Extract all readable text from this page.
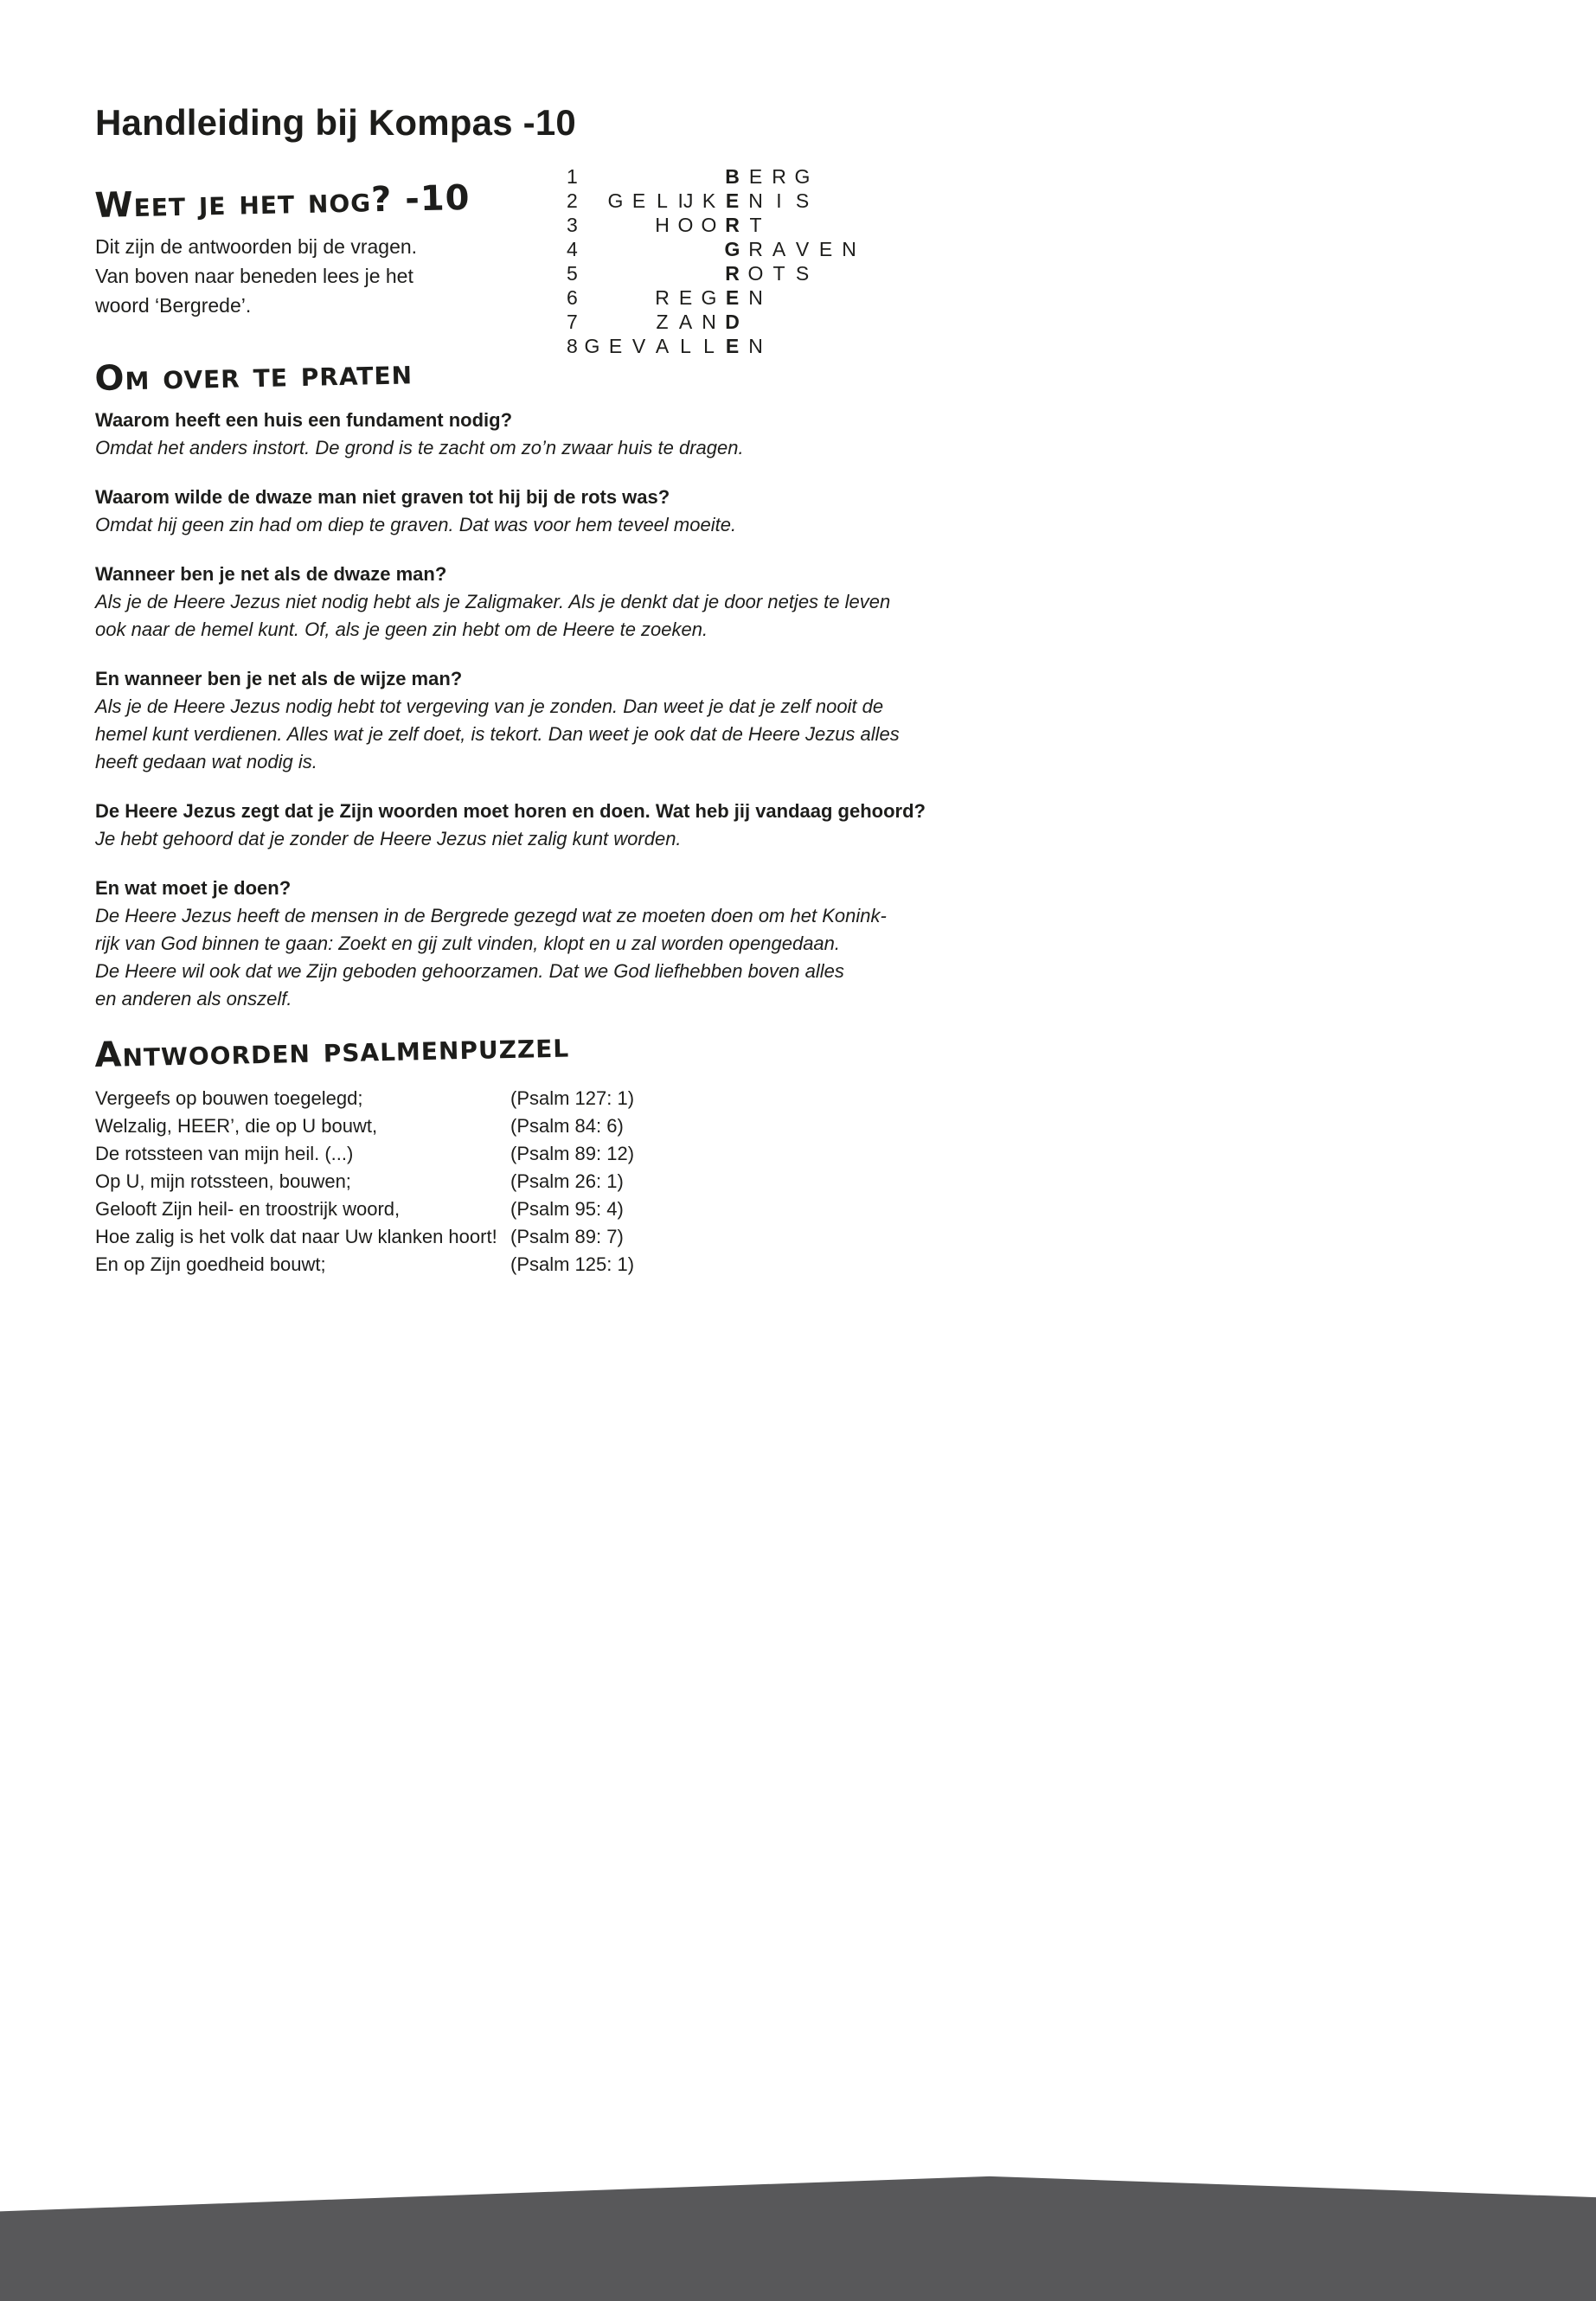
1	B E R G
2 G E L IJ K E N I S
3	H O O R T
4	G R A V E N
5	R O T S
6	R E G E N
7	Z A N D
8 G E V A L L E N
Handleiding bij Kompas -10
Weet je het nog? -10
Dit zijn de antwoorden bij de vragen.
Van boven naar beneden lees je het
woord ‘Bergrede’.
Om over te praten
Waarom heeft een huis een fundament nodig?
Omdat het anders instort. De grond is te zacht om zo’n zwaar huis te dragen.
Waarom wilde de dwaze man niet graven tot hij bij de rots was?
Omdat hij geen zin had om diep te graven. Dat was voor hem teveel moeite.
Wanneer ben je net als de dwaze man?
Als je de Heere Jezus niet nodig hebt als je Zaligmaker. Als je denkt dat je door netjes te leven
ook naar de hemel kunt. Of, als je geen zin hebt om de Heere te zoeken.
En wanneer ben je net als de wijze man?
Als je de Heere Jezus nodig hebt tot vergeving van je zonden. Dan weet je dat je zelf nooit de
hemel kunt verdienen. Alles wat je zelf doet, is tekort. Dan weet je ook dat de Heere Jezus alles
heeft gedaan wat nodig is.
De Heere Jezus zegt dat je Zijn woorden moet horen en doen. Wat heb jij vandaag gehoord?
Je hebt gehoord dat je zonder de Heere Jezus niet zalig kunt worden.
En wat moet je doen?
De Heere Jezus heeft de mensen in de Bergrede gezegd wat ze moeten doen om het Konink-
rijk van God binnen te gaan: Zoekt en gij zult vinden, klopt en u zal worden opengedaan.
De Heere wil ook dat we Zijn geboden gehoorzamen. Dat we God liefhebben boven alles
en anderen als onszelf.
Antwoorden psalmenpuzzel
Vergeefs op bouwen toegelegd;	(Psalm 127: 1)
Welzalig, HEER’, die op U bouwt,	(Psalm 84: 6)
De rotssteen van mijn heil. (...)	(Psalm 89: 12)
Op U, mijn rotssteen, bouwen;	(Psalm 26: 1)
Gelooft Zijn heil- en troostrijk woord,	(Psalm 95: 4)
Hoe zalig is het volk dat naar Uw klanken hoort! (Psalm 89: 7)
En op Zijn goedheid bouwt;	(Psalm 125: 1)
